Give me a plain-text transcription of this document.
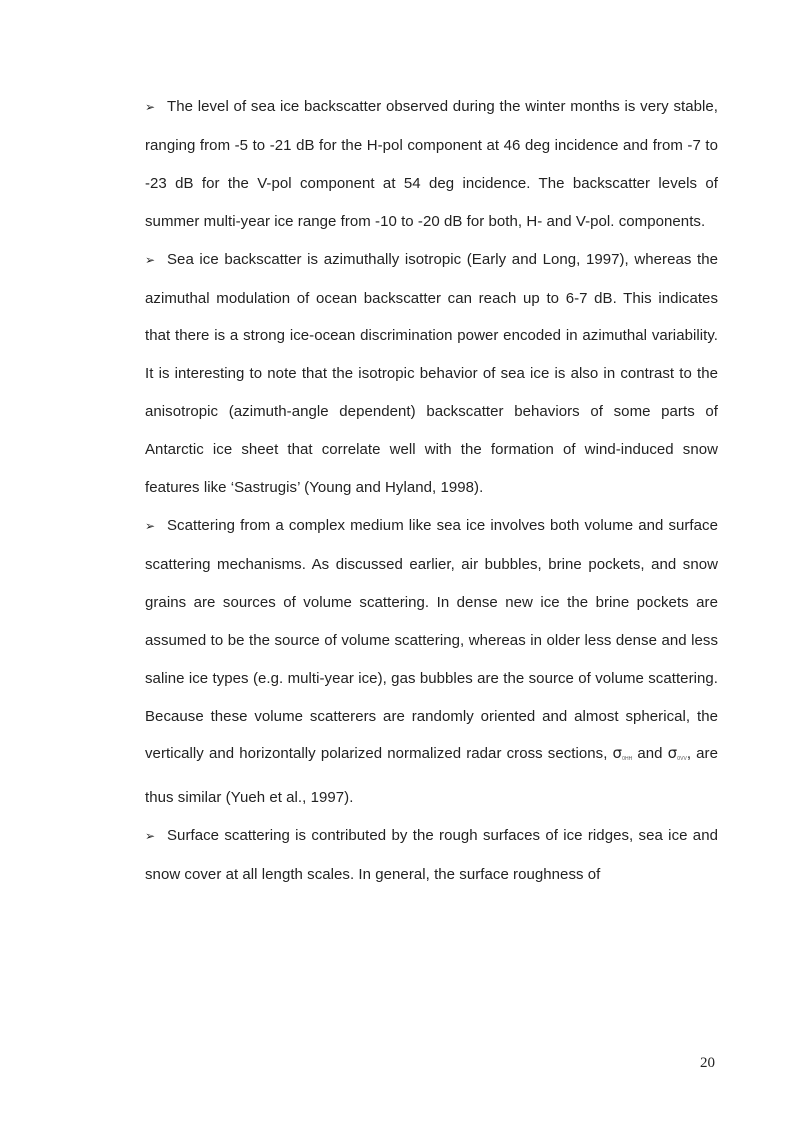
➢ The level of sea ice backscatter observed during the winter months is very stable, ranging from -5 to -21 dB for the H-pol component at 46 deg incidence and from -7 to -23 dB for the V-pol component at 54 deg incidence. The backscatter levels of summer multi-year ice range from -10 to -20 dB for both, H- and V-pol. components.

➢ Sea ice backscatter is azimuthally isotropic (Early and Long, 1997), whereas the azimuthal modulation of ocean backscatter can reach up to 6-7 dB. This indicates that there is a strong ice-ocean discrimination power encoded in azimuthal variability. It is interesting to note that the isotropic behavior of sea ice is also in contrast to the anisotropic (azimuth-angle dependent) backscatter behaviors of some parts of Antarctic ice sheet that correlate well with the formation of wind-induced snow features like ‘Sastrugis’ (Young and Hyland, 1998).

➢ Scattering from a complex medium like sea ice involves both volume and surface scattering mechanisms. As discussed earlier, air bubbles, brine pockets, and snow grains are sources of volume scattering. In dense new ice the brine pockets are assumed to be the source of volume scattering, whereas in older less dense and less saline ice types (e.g. multi-year ice), gas bubbles are the source of volume scattering. Because these volume scatterers are randomly oriented and almost spherical, the vertically and horizontally polarized normalized radar cross sections, $\sigma_{0HH}$ and $\sigma_{0VV}$, are thus similar (Yueh et al., 1997).

➢ Surface scattering is contributed by the rough surfaces of ice ridges, sea ice and snow cover at all length scales. In general, the surface roughness of

20
